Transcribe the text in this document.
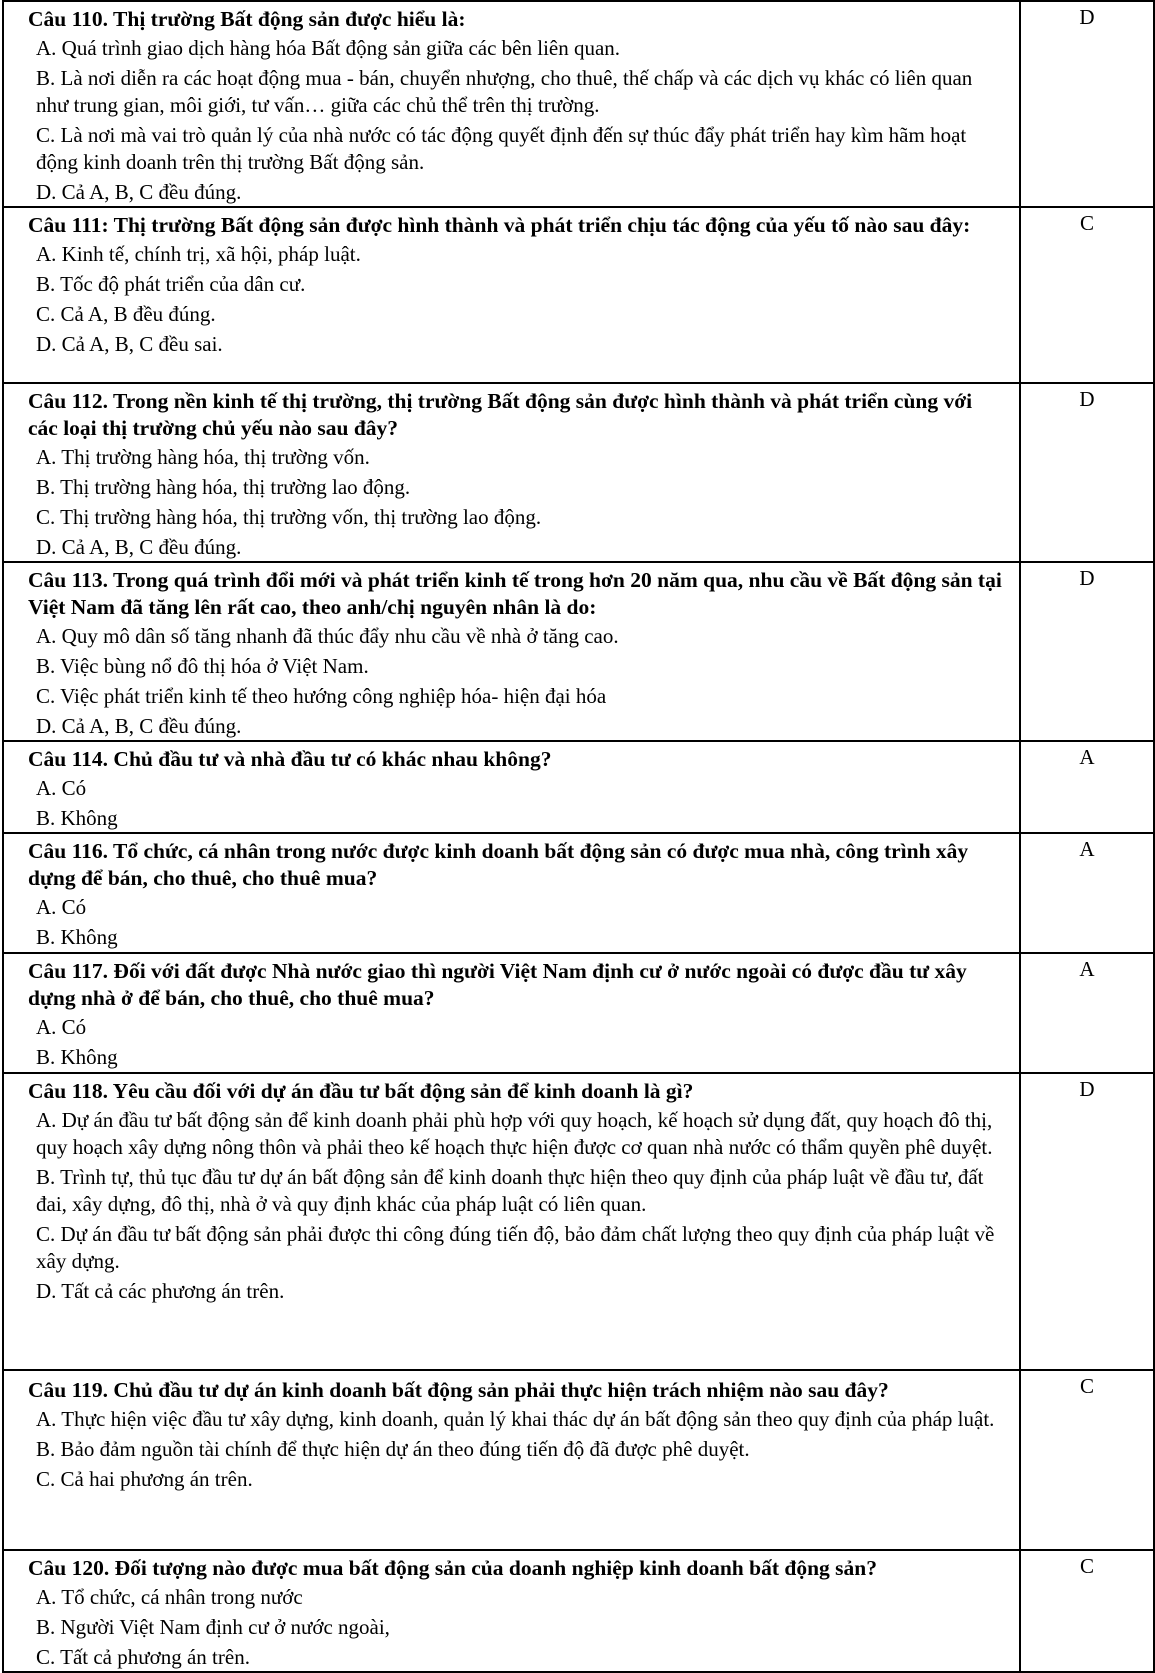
Câu 110. Thị trường Bất động sản được hiểu là:
A. Quá trình giao dịch hàng hóa Bất động sản giữa các bên liên quan.
B. Là nơi diễn ra các hoạt động mua - bán, chuyển nhượng, cho thuê, thế chấp và các dịch vụ khác có liên quan như trung gian, môi giới, tư vấn… giữa các chủ thể trên thị trường.
C. Là nơi mà vai trò quản lý của nhà nước có tác động quyết định đến sự thúc đẩy phát triển hay kìm hãm hoạt động kinh doanh trên thị trường Bất động sản.
D. Cả A, B, C đều đúng.	D

Câu 111: Thị trường Bất động sản được hình thành và phát triển chịu tác động của yếu tố nào sau đây:
A. Kinh tế, chính trị, xã hội, pháp luật.
B. Tốc độ phát triển của dân cư.
C. Cả A, B đều đúng.
D. Cả A, B, C đều sai.	C

Câu 112. Trong nền kinh tế thị trường, thị trường Bất động sản được hình thành và phát triển cùng với các loại thị trường chủ yếu nào sau đây?
A. Thị trường hàng hóa, thị trường vốn.
B. Thị trường hàng hóa, thị trường lao động.
C. Thị trường hàng hóa, thị trường vốn, thị trường lao động.
D. Cả A, B, C đều đúng.	D

Câu 113. Trong quá trình đổi mới và phát triển kinh tế trong hơn 20 năm qua, nhu cầu về Bất động sản tại Việt Nam đã tăng lên rất cao, theo anh/chị nguyên nhân là do:
A. Quy mô dân số tăng nhanh đã thúc đẩy nhu cầu về nhà ở tăng cao.
B. Việc bùng nổ đô thị hóa ở Việt Nam.
C. Việc phát triển kinh tế theo hướng công nghiệp hóa- hiện đại hóa
D. Cả A, B, C đều đúng.	D

Câu 114. Chủ đầu tư và nhà đầu tư có khác nhau không?
A. Có
B. Không	A

Câu 116. Tổ chức, cá nhân trong nước được kinh doanh bất động sản có được mua nhà, công trình xây dựng để bán, cho thuê, cho thuê mua?
A. Có
B. Không	A

Câu 117. Đối với đất được Nhà nước giao thì người Việt Nam định cư ở nước ngoài có được đầu tư xây dựng nhà ở để bán, cho thuê, cho thuê mua?
A. Có
B. Không	A

Câu 118. Yêu cầu đối với dự án đầu tư bất động sản để kinh doanh là gì?
A. Dự án đầu tư bất động sản để kinh doanh phải phù hợp với quy hoạch, kế hoạch sử dụng đất, quy hoạch đô thị, quy hoạch xây dựng nông thôn và phải theo kế hoạch thực hiện được cơ quan nhà nước có thẩm quyền phê duyệt.
B. Trình tự, thủ tục đầu tư dự án bất động sản để kinh doanh thực hiện theo quy định của pháp luật về đầu tư, đất đai, xây dựng, đô thị, nhà ở và quy định khác của pháp luật có liên quan.
C. Dự án đầu tư bất động sản phải được thi công đúng tiến độ, bảo đảm chất lượng theo quy định của pháp luật về xây dựng.
D. Tất cả các phương án trên.	D

Câu 119. Chủ đầu tư dự án kinh doanh bất động sản phải thực hiện trách nhiệm nào sau đây?
A. Thực hiện việc đầu tư xây dựng, kinh doanh, quản lý khai thác dự án bất động sản theo quy định của pháp luật.
B. Bảo đảm nguồn tài chính để thực hiện dự án theo đúng tiến độ đã được phê duyệt.
C. Cả hai phương án trên.	C

Câu 120. Đối tượng nào được mua bất động sản của doanh nghiệp kinh doanh bất động sản?
A. Tổ chức, cá nhân trong nước
B. Người Việt Nam định cư ở nước ngoài,
C. Tất cả phương án trên.	C
